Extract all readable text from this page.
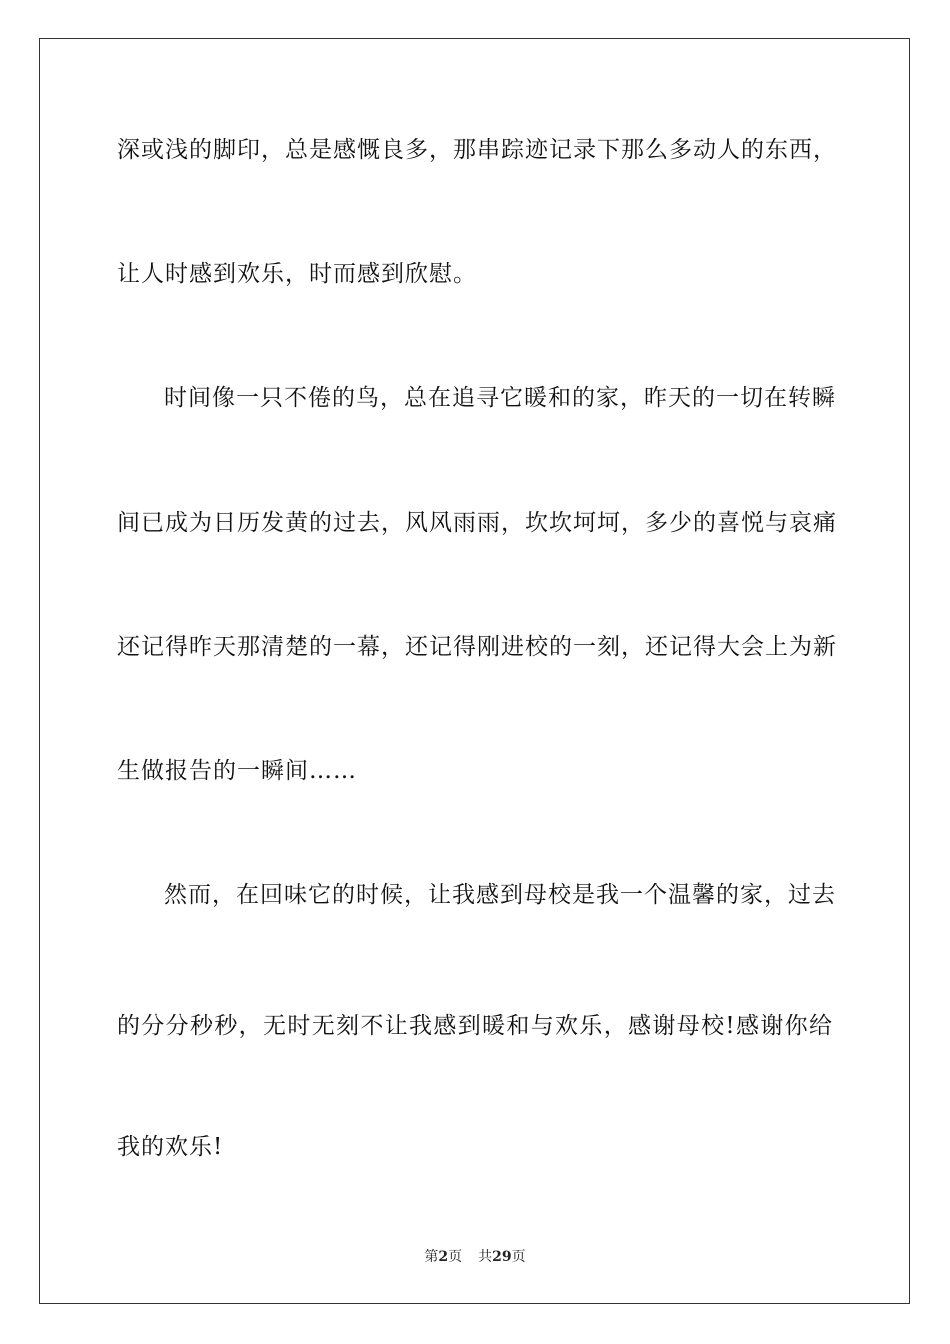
深或浅的脚印，总是感慨良多，那串踪迹记录下那么多动人的东西，
让人时感到欢乐，时而感到欣慰。
时间像一只不倦的鸟，总在追寻它暖和的家，昨天的一切在转瞬
间已成为日历发黄的过去，风风雨雨，坎坎坷坷，多少的喜悦与哀痛
还记得昨天那清楚的一幕，还记得刚进校的一刻，还记得大会上为新
生做报告的一瞬间……
然而，在回味它的时候，让我感到母校是我一个温馨的家，过去
的分分秒秒，无时无刻不让我感到暖和与欢乐，感谢母校!感谢你给
我的欢乐!
第2页 共29页
